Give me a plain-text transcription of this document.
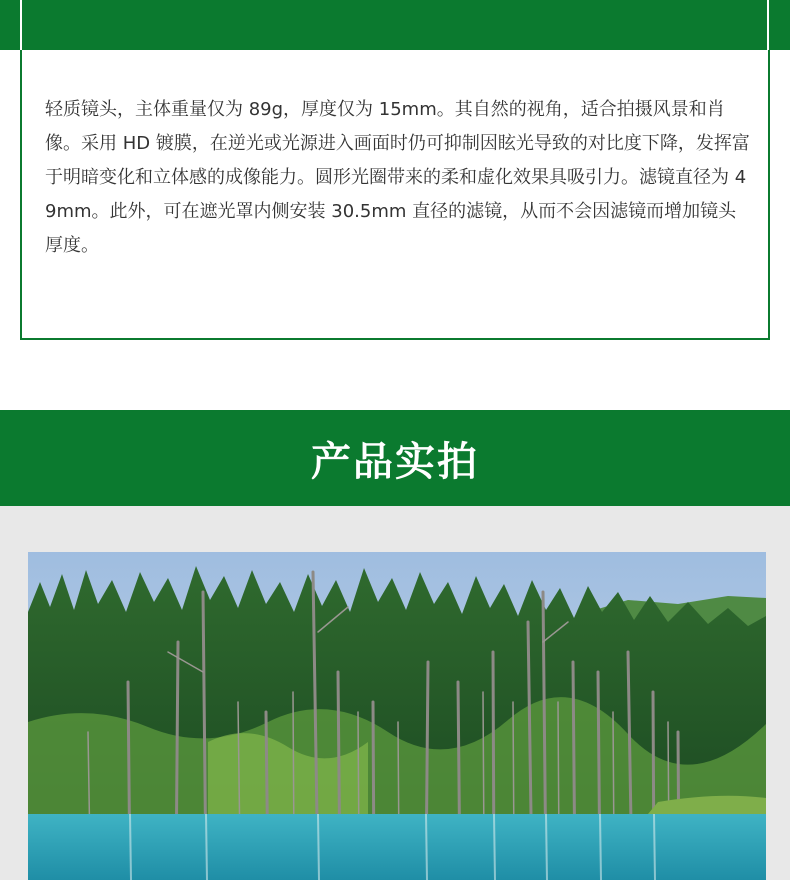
轻质镜头，主体重量仅为 89g，厚度仅为 15mm。其自然的视角，适合拍摄风景和肖像。采用 HD 镀膜，在逆光或光源进入画面时仍可抑制因眩光导致的对比度下降，发挥富于明暗变化和立体感的成像能力。圆形光圈带来的柔和虚化效果具吸引力。滤镜直径为 49mm。此外，可在遮光罩内侧安装 30.5mm 直径的滤镜，从而不会因滤镜而增加镜头厚度。

产品实拍
